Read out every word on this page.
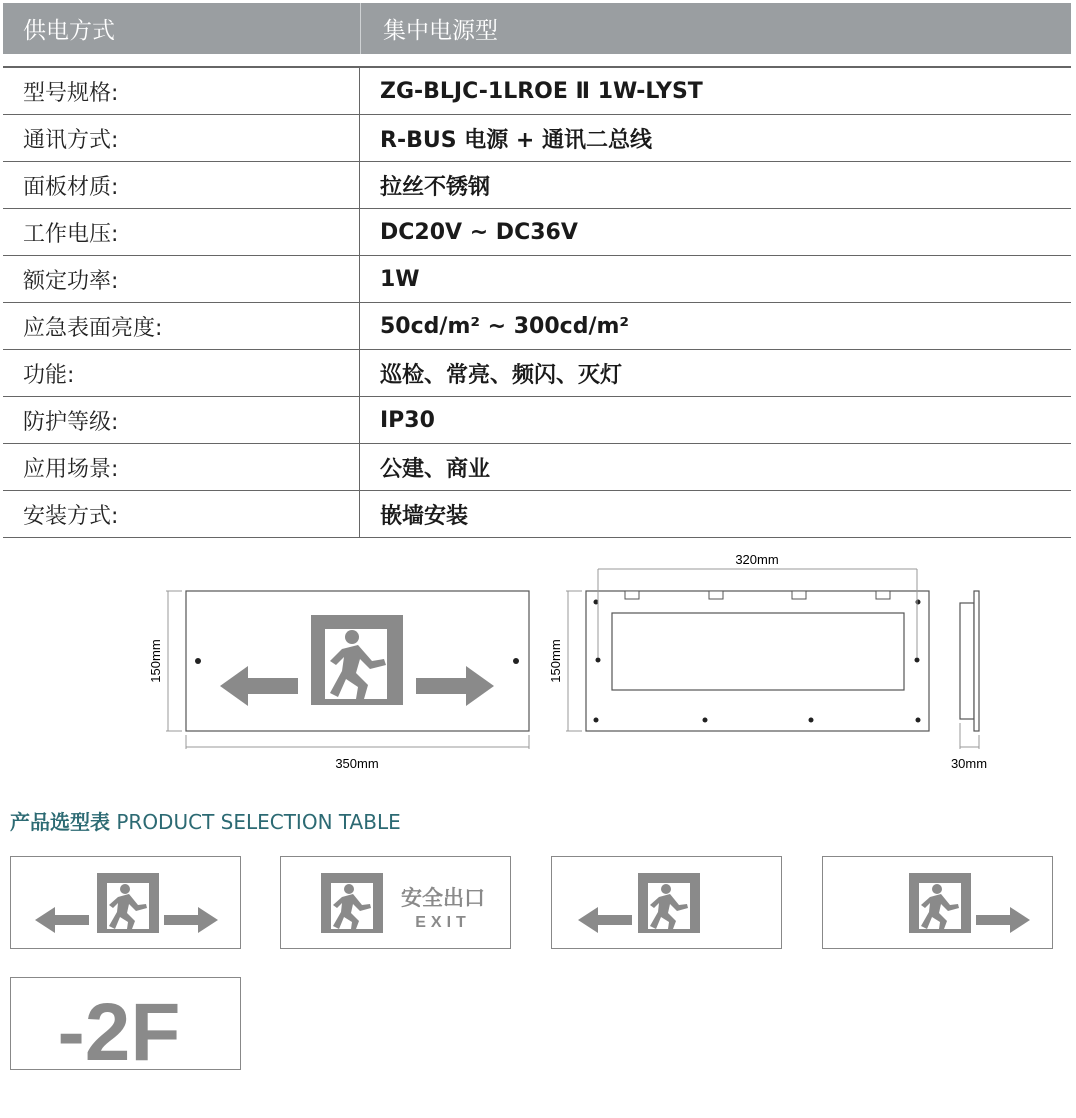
供电方式	集中电源型
型号规格:	ZG-BLJC-1LROE Ⅱ 1W-LYST
通讯方式:	R-BUS 电源 + 通讯二总线
面板材质:	拉丝不锈钢
工作电压:	DC20V ~ DC36V
额定功率:	1W
应急表面亮度:	50cd/m² ~ 300cd/m²
功能:	巡检、常亮、频闪、灭灯
防护等级:	IP30
应用场景:	公建、商业
安装方式:	嵌墙安装
150mm
350mm
320mm
150mm
30mm
产品选型表 PRODUCT SELECTION TABLE
安全出口
EXIT
-2F
